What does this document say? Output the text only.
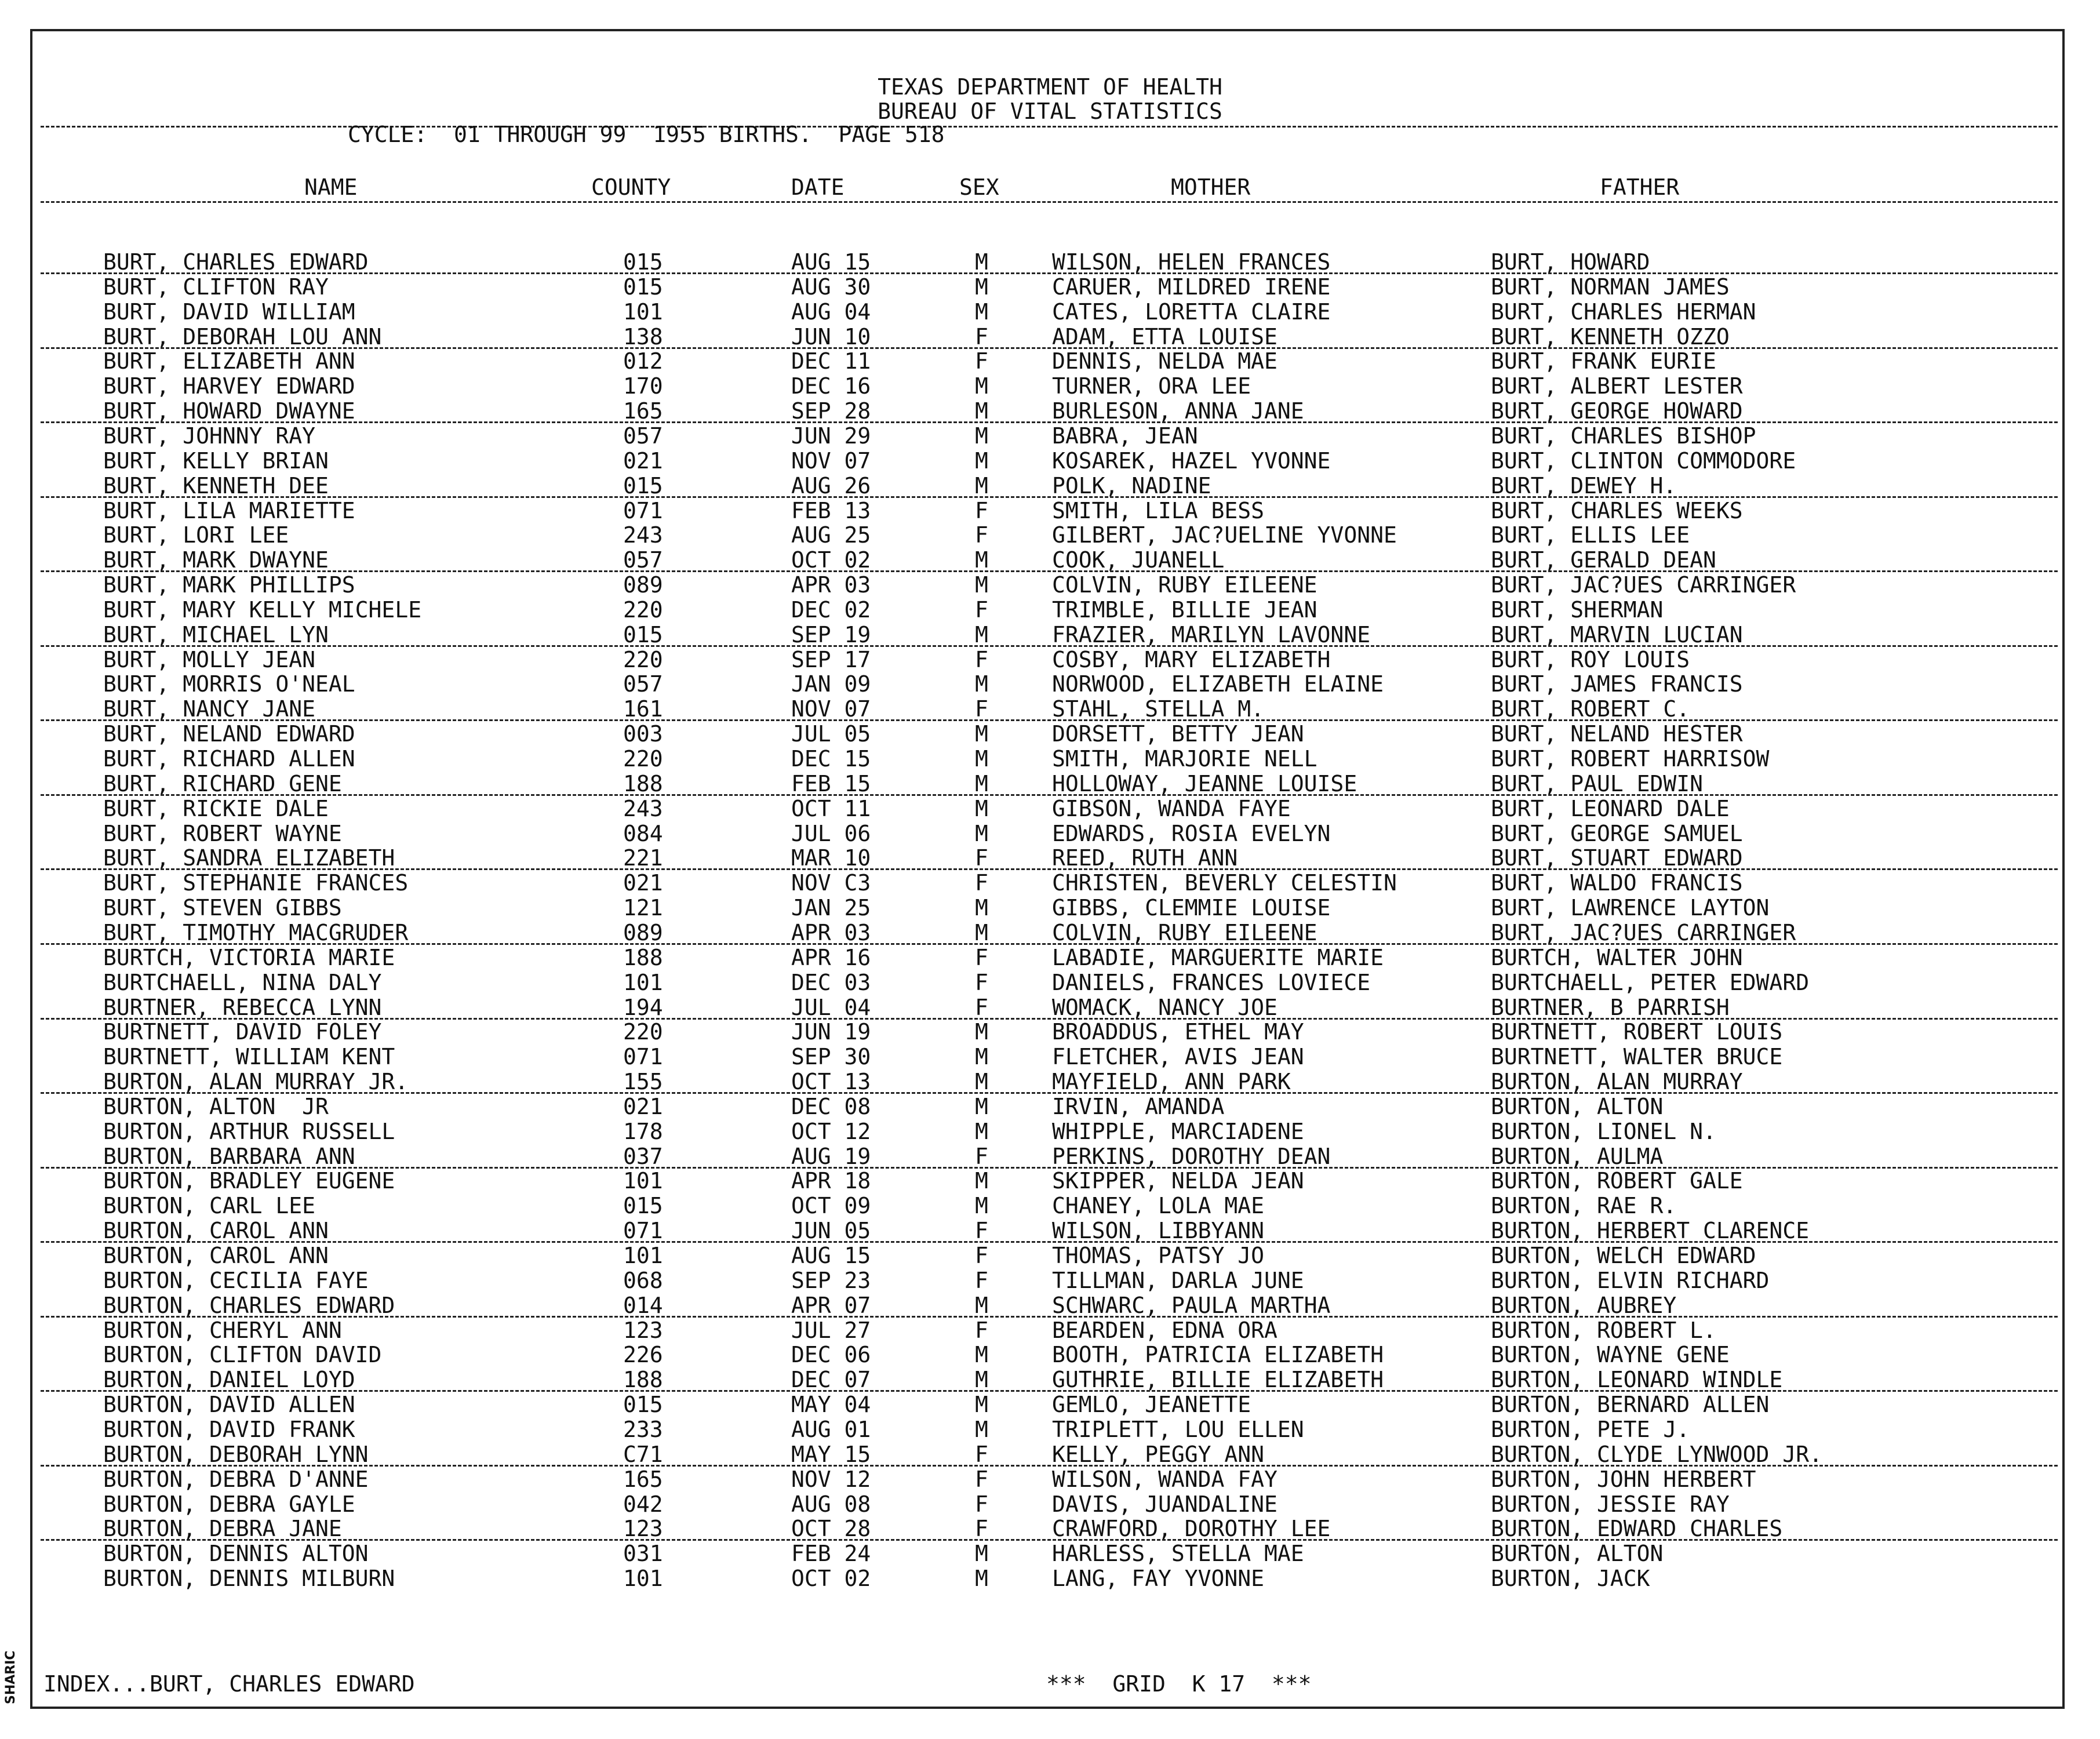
TEXAS DEPARTMENT OF HEALTH
BUREAU OF VITAL STATISTICS
CYCLE:  01 THROUGH 99  1955 BIRTHS.  PAGE 518
NAME	COUNTY	DATE	SEX	MOTHER	FATHER
BURT, CHARLES EDWARD	015	AUG 15	M	WILSON, HELEN FRANCES	BURT, HOWARD
BURT, CLIFTON RAY	015	AUG 30	M	CARUER, MILDRED IRENE	BURT, NORMAN JAMES
BURT, DAVID WILLIAM	101	AUG 04	M	CATES, LORETTA CLAIRE	BURT, CHARLES HERMAN
BURT, DEBORAH LOU ANN	138	JUN 10	F	ADAM, ETTA LOUISE	BURT, KENNETH OZZO
BURT, ELIZABETH ANN	012	DEC 11	F	DENNIS, NELDA MAE	BURT, FRANK EURIE
BURT, HARVEY EDWARD	170	DEC 16	M	TURNER, ORA LEE	BURT, ALBERT LESTER
BURT, HOWARD DWAYNE	165	SEP 28	M	BURLESON, ANNA JANE	BURT, GEORGE HOWARD
BURT, JOHNNY RAY	057	JUN 29	M	BABRA, JEAN	BURT, CHARLES BISHOP
BURT, KELLY BRIAN	021	NOV 07	M	KOSAREK, HAZEL YVONNE	BURT, CLINTON COMMODORE
BURT, KENNETH DEE	015	AUG 26	M	POLK, NADINE	BURT, DEWEY H.
BURT, LILA MARIETTE	071	FEB 13	F	SMITH, LILA BESS	BURT, CHARLES WEEKS
BURT, LORI LEE	243	AUG 25	F	GILBERT, JAC?UELINE YVONNE	BURT, ELLIS LEE
BURT, MARK DWAYNE	057	OCT 02	M	COOK, JUANELL	BURT, GERALD DEAN
BURT, MARK PHILLIPS	089	APR 03	M	COLVIN, RUBY EILEENE	BURT, JAC?UES CARRINGER
BURT, MARY KELLY MICHELE	220	DEC 02	F	TRIMBLE, BILLIE JEAN	BURT, SHERMAN
BURT, MICHAEL LYN	015	SEP 19	M	FRAZIER, MARILYN LAVONNE	BURT, MARVIN LUCIAN
BURT, MOLLY JEAN	220	SEP 17	F	COSBY, MARY ELIZABETH	BURT, ROY LOUIS
BURT, MORRIS O'NEAL	057	JAN 09	M	NORWOOD, ELIZABETH ELAINE	BURT, JAMES FRANCIS
BURT, NANCY JANE	161	NOV 07	F	STAHL, STELLA M.	BURT, ROBERT C.
BURT, NELAND EDWARD	003	JUL 05	M	DORSETT, BETTY JEAN	BURT, NELAND HESTER
BURT, RICHARD ALLEN	220	DEC 15	M	SMITH, MARJORIE NELL	BURT, ROBERT HARRISOW
BURT, RICHARD GENE	188	FEB 15	M	HOLLOWAY, JEANNE LOUISE	BURT, PAUL EDWIN
BURT, RICKIE DALE	243	OCT 11	M	GIBSON, WANDA FAYE	BURT, LEONARD DALE
BURT, ROBERT WAYNE	084	JUL 06	M	EDWARDS, ROSIA EVELYN	BURT, GEORGE SAMUEL
BURT, SANDRA ELIZABETH	221	MAR 10	F	REED, RUTH ANN	BURT, STUART EDWARD
BURT, STEPHANIE FRANCES	021	NOV C3	F	CHRISTEN, BEVERLY CELESTIN	BURT, WALDO FRANCIS
BURT, STEVEN GIBBS	121	JAN 25	M	GIBBS, CLEMMIE LOUISE	BURT, LAWRENCE LAYTON
BURT, TIMOTHY MACGRUDER	089	APR 03	M	COLVIN, RUBY EILEENE	BURT, JAC?UES CARRINGER
BURTCH, VICTORIA MARIE	188	APR 16	F	LABADIE, MARGUERITE MARIE	BURTCH, WALTER JOHN
BURTCHAELL, NINA DALY	101	DEC 03	F	DANIELS, FRANCES LOVIECE	BURTCHAELL, PETER EDWARD
BURTNER, REBECCA LYNN	194	JUL 04	F	WOMACK, NANCY JOE	BURTNER, B PARRISH
BURTNETT, DAVID FOLEY	220	JUN 19	M	BROADDUS, ETHEL MAY	BURTNETT, ROBERT LOUIS
BURTNETT, WILLIAM KENT	071	SEP 30	M	FLETCHER, AVIS JEAN	BURTNETT, WALTER BRUCE
BURTON, ALAN MURRAY JR.	155	OCT 13	M	MAYFIELD, ANN PARK	BURTON, ALAN MURRAY
BURTON, ALTON  JR	021	DEC 08	M	IRVIN, AMANDA	BURTON, ALTON
BURTON, ARTHUR RUSSELL	178	OCT 12	M	WHIPPLE, MARCIADENE	BURTON, LIONEL N.
BURTON, BARBARA ANN	037	AUG 19	F	PERKINS, DOROTHY DEAN	BURTON, AULMA
BURTON, BRADLEY EUGENE	101	APR 18	M	SKIPPER, NELDA JEAN	BURTON, ROBERT GALE
BURTON, CARL LEE	015	OCT 09	M	CHANEY, LOLA MAE	BURTON, RAE R.
BURTON, CAROL ANN	071	JUN 05	F	WILSON, LIBBYANN	BURTON, HERBERT CLARENCE
BURTON, CAROL ANN	101	AUG 15	F	THOMAS, PATSY JO	BURTON, WELCH EDWARD
BURTON, CECILIA FAYE	068	SEP 23	F	TILLMAN, DARLA JUNE	BURTON, ELVIN RICHARD
BURTON, CHARLES EDWARD	014	APR 07	M	SCHWARC, PAULA MARTHA	BURTON, AUBREY
BURTON, CHERYL ANN	123	JUL 27	F	BEARDEN, EDNA ORA	BURTON, ROBERT L.
BURTON, CLIFTON DAVID	226	DEC 06	M	BOOTH, PATRICIA ELIZABETH	BURTON, WAYNE GENE
BURTON, DANIEL LOYD	188	DEC 07	M	GUTHRIE, BILLIE ELIZABETH	BURTON, LEONARD WINDLE
BURTON, DAVID ALLEN	015	MAY 04	M	GEMLO, JEANETTE	BURTON, BERNARD ALLEN
BURTON, DAVID FRANK	233	AUG 01	M	TRIPLETT, LOU ELLEN	BURTON, PETE J.
BURTON, DEBORAH LYNN	C71	MAY 15	F	KELLY, PEGGY ANN	BURTON, CLYDE LYNWOOD JR.
BURTON, DEBRA D'ANNE	165	NOV 12	F	WILSON, WANDA FAY	BURTON, JOHN HERBERT
BURTON, DEBRA GAYLE	042	AUG 08	F	DAVIS, JUANDALINE	BURTON, JESSIE RAY
BURTON, DEBRA JANE	123	OCT 28	F	CRAWFORD, DOROTHY LEE	BURTON, EDWARD CHARLES
BURTON, DENNIS ALTON	031	FEB 24	M	HARLESS, STELLA MAE	BURTON, ALTON
BURTON, DENNIS MILBURN	101	OCT 02	M	LANG, FAY YVONNE	BURTON, JACK
INDEX...BURT, CHARLES EDWARD	***  GRID  K 17  ***
SHARIC
